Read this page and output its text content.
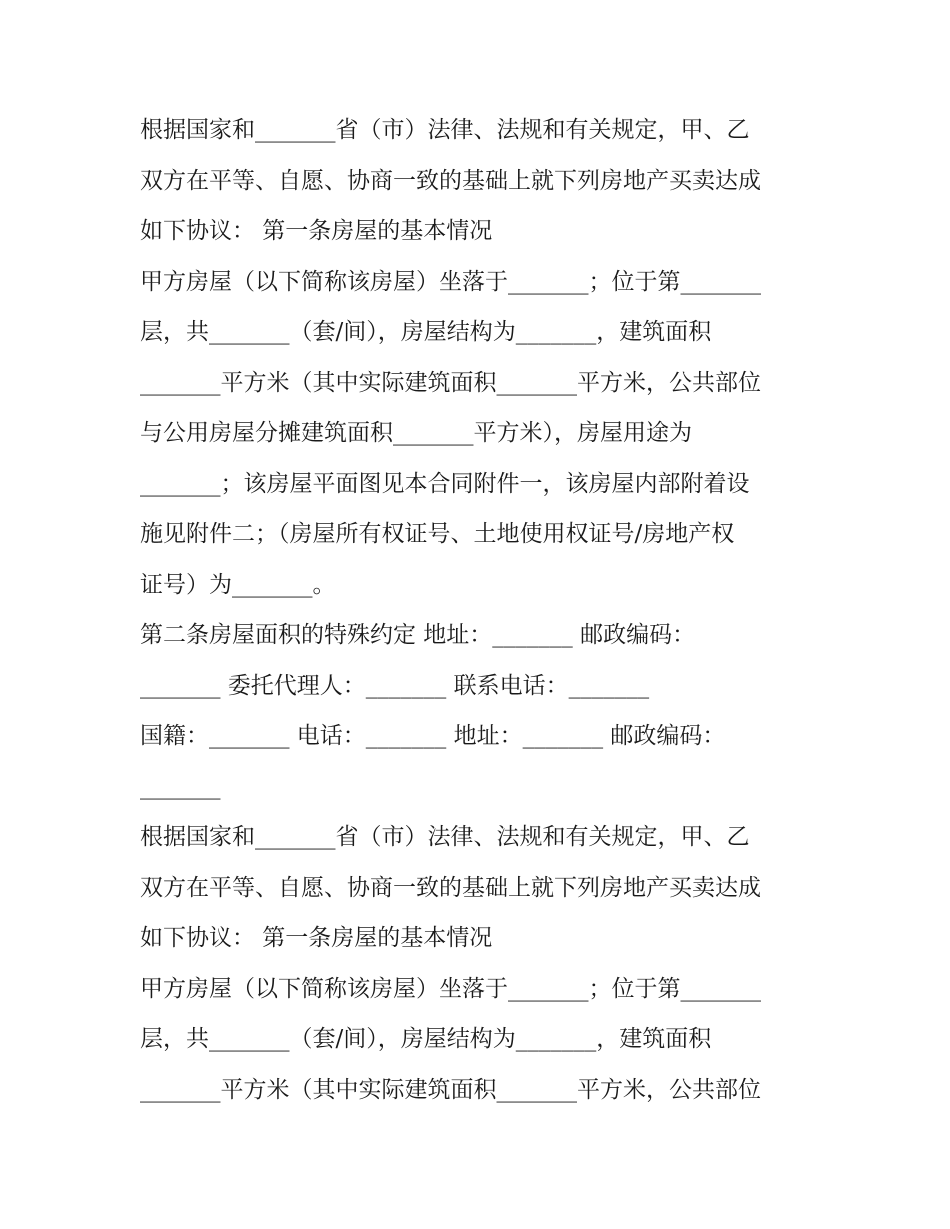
根据国家和_______省（市）法律、法规和有关规定，甲、乙
双方在平等、自愿、协商一致的基础上就下列房地产买卖达成
如下协议： 第一条房屋的基本情况
甲方房屋（以下简称该房屋）坐落于_______；位于第_______
层，共_______（套/间），房屋结构为_______，建筑面积
_______平方米（其中实际建筑面积_______平方米，公共部位
与公用房屋分摊建筑面积_______平方米），房屋用途为
_______；该房屋平面图见本合同附件一，该房屋内部附着设
施见附件二；（房屋所有权证号、土地使用权证号/房地产权
证号）为_______。
第二条房屋面积的特殊约定 地址：_______ 邮政编码：
_______ 委托代理人：_______ 联系电话：_______
国籍：_______ 电话：_______ 地址：_______ 邮政编码：
_______
根据国家和_______省（市）法律、法规和有关规定，甲、乙
双方在平等、自愿、协商一致的基础上就下列房地产买卖达成
如下协议： 第一条房屋的基本情况
甲方房屋（以下简称该房屋）坐落于_______；位于第_______
层，共_______（套/间），房屋结构为_______，建筑面积
_______平方米（其中实际建筑面积_______平方米，公共部位
